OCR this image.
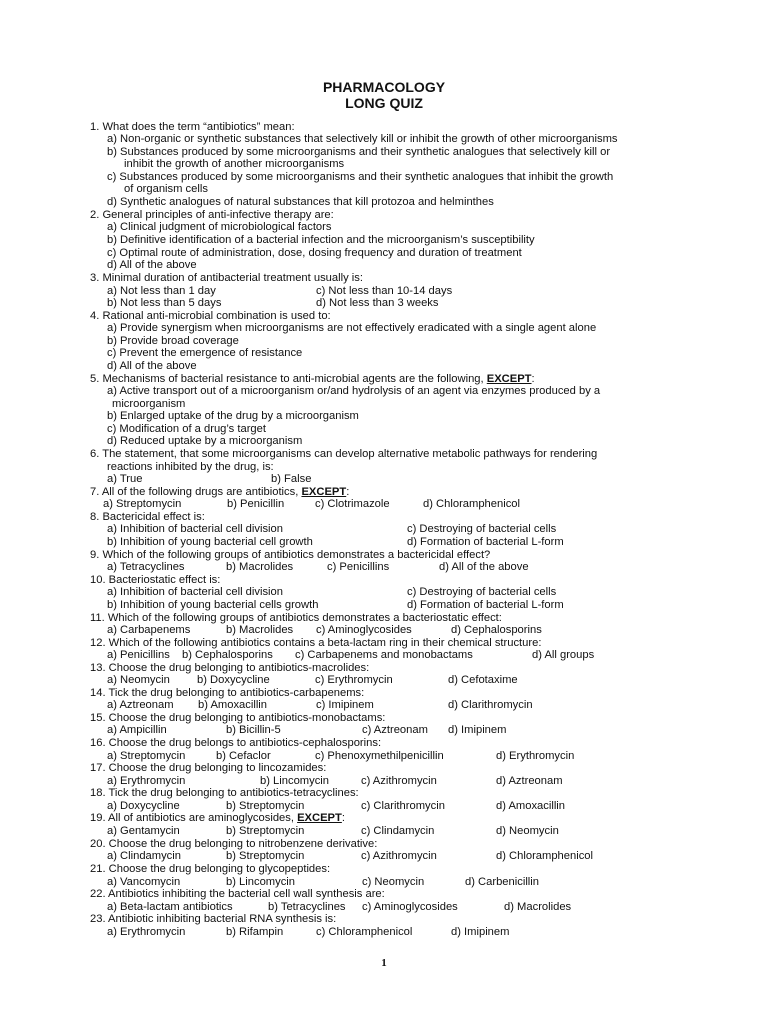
PHARMACOLOGY
LONG QUIZ
1. What does the term “antibiotics” mean:
a) Non-organic or synthetic substances that selectively kill or inhibit the growth of other microorganisms
b) Substances produced by some microorganisms and their synthetic analogues that selectively kill or
inhibit the growth of another microorganisms
c) Substances produced by some microorganisms and their synthetic analogues that inhibit the growth
of organism cells
d) Synthetic analogues of natural substances that kill protozoa and helminthes
2. General principles of anti-infective therapy are:
a) Clinical judgment of microbiological factors
b) Definitive identification of a bacterial infection and the microorganism’s susceptibility
c) Optimal route of administration, dose, dosing frequency and duration of treatment
d) All of the above
3. Minimal duration of antibacterial treatment usually is:
a) Not less than 1 day	c) Not less than 10-14 days
b) Not less than 5 days	d) Not less than 3 weeks
4. Rational anti-microbial combination is used to:
a) Provide synergism when microorganisms are not effectively eradicated with a single agent alone
b) Provide broad coverage
c) Prevent the emergence of resistance
d) All of the above
5. Mechanisms of bacterial resistance to anti-microbial agents are the following, EXCEPT:
a) Active transport out of a microorganism or/and hydrolysis of an agent via enzymes produced by a
microorganism
b) Enlarged uptake of the drug by a microorganism
c) Modification of a drug’s target
d) Reduced uptake by a microorganism
6. The statement, that some microorganisms can develop alternative metabolic pathways for rendering
reactions inhibited by the drug, is:
a) True	b) False
7. All of the following drugs are antibiotics, EXCEPT:
a) Streptomycin	b) Penicillin	c) Clotrimazole	d) Chloramphenicol
8. Bactericidal effect is:
a) Inhibition of bacterial cell division	c) Destroying of bacterial cells
b) Inhibition of young bacterial cell growth	d) Formation of bacterial L-form
9. Which of the following groups of antibiotics demonstrates a bactericidal effect?
a) Tetracyclines	b) Macrolides	c) Penicillins	d) All of the above
10. Bacteriostatic effect is:
a) Inhibition of bacterial cell division	c) Destroying of bacterial cells
b) Inhibition of young bacterial cells growth	d) Formation of bacterial L-form
11. Which of the following groups of antibiotics demonstrates a bacteriostatic effect:
a) Carbapenems	b) Macrolides c) Aminoglycosides	d) Cephalosporins
12. Which of the following antibiotics contains a beta-lactam ring in their chemical structure:
a) Penicillins b) Cephalosporins c) Carbapenems and monobactams	d) All groups
13. Choose the drug belonging to antibiotics-macrolides:
a) Neomycin b) Doxycycline	c) Erythromycin	d) Cefotaxime
14. Tick the drug belonging to antibiotics-carbapenems:
a) Aztreonam b) Amoxacillin	c) Imipinem	d) Clarithromycin
15. Choose the drug belonging to antibiotics-monobactams:
a) Ampicillin	b) Bicillin-5	c) Aztreonam d) Imipinem
16. Choose the drug belongs to antibiotics-cephalosporins:
a) Streptomycin	b) Cefaclor	c) Phenoxymethilpenicillin	d) Erythromycin
17. Choose the drug belonging to lincozamides:
a) Erythromycin	b) Lincomycin	c) Azithromycin	d) Aztreonam
18. Tick the drug belonging to antibiotics-tetracyclines:
a) Doxycycline	b) Streptomycin	c) Clarithromycin	d) Amoxacillin
19. All of antibiotics are aminoglycosides, EXCEPT:
a) Gentamycin	b) Streptomycin	c) Clindamycin	d) Neomycin
20. Choose the drug belonging to nitrobenzene derivative:
a) Clindamycin	b) Streptomycin	c) Azithromycin	d) Chloramphenicol
21. Choose the drug belonging to glycopeptides:
a) Vancomycin	b) Lincomycin	c) Neomycin	d) Carbenicillin
22. Antibiotics inhibiting the bacterial cell wall synthesis are:
a) Beta-lactam antibiotics	b) Tetracyclines c) Aminoglycosides	d) Macrolides
23. Antibiotic inhibiting bacterial RNA synthesis is:
a) Erythromycin	b) Rifampin	c) Chloramphenicol	d) Imipinem
1
